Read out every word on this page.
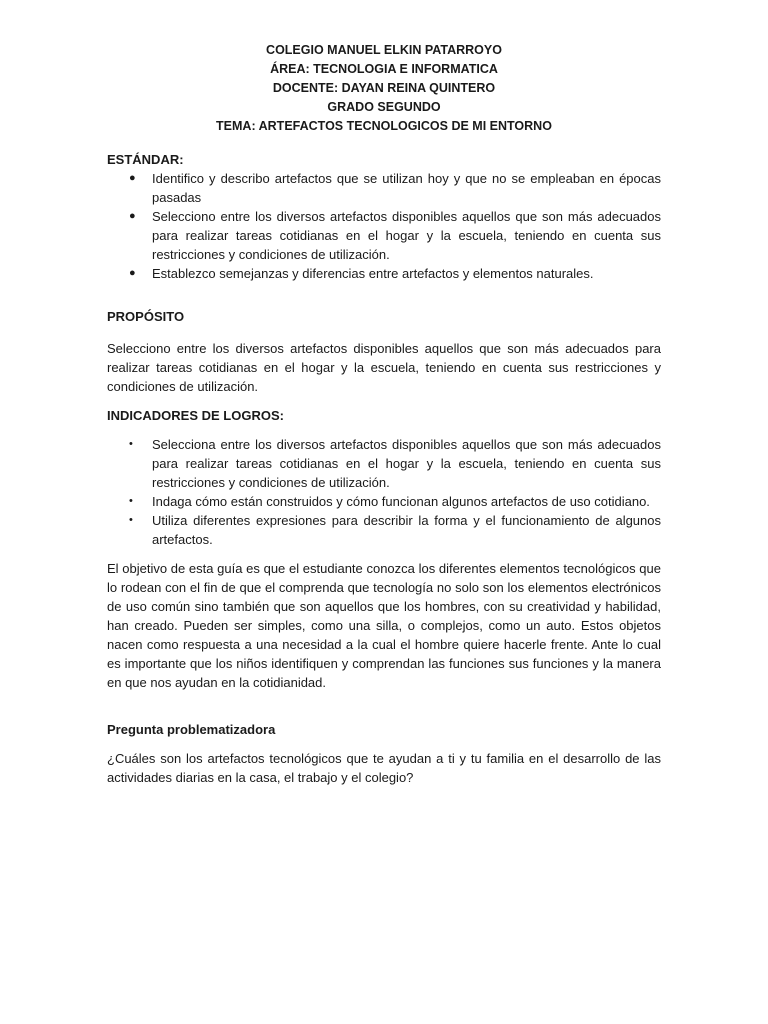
COLEGIO MANUEL ELKIN PATARROYO
ÁREA: TECNOLOGIA E INFORMATICA
DOCENTE: DAYAN REINA QUINTERO
GRADO SEGUNDO
TEMA: ARTEFACTOS TECNOLOGICOS DE MI ENTORNO

ESTÁNDAR:

● Identifico y describo artefactos que se utilizan hoy y que no se empleaban en épocas pasadas
● Selecciono entre los diversos artefactos disponibles aquellos que son más adecuados para realizar tareas cotidianas en el hogar y la escuela, teniendo en cuenta sus restricciones y condiciones de utilización.
● Establezco semejanzas y diferencias entre artefactos y elementos naturales.

PROPÓSITO

Selecciono entre los diversos artefactos disponibles aquellos que son más adecuados para realizar tareas cotidianas en el hogar y la escuela, teniendo en cuenta sus restricciones y condiciones de utilización.

INDICADORES DE LOGROS:

• Selecciona entre los diversos artefactos disponibles aquellos que son más adecuados para realizar tareas cotidianas en el hogar y la escuela, teniendo en cuenta sus restricciones y condiciones de utilización.
• Indaga cómo están construidos y cómo funcionan algunos artefactos de uso cotidiano.
• Utiliza diferentes expresiones para describir la forma y el funcionamiento de algunos artefactos.

El objetivo de esta guía es que el estudiante conozca los diferentes elementos tecnológicos que lo rodean con el fin de que el comprenda que tecnología no solo son los elementos electrónicos de uso común sino también que son aquellos que los hombres, con su creatividad y habilidad, han creado. Pueden ser simples, como una silla, o complejos, como un auto. Estos objetos nacen como respuesta a una necesidad a la cual el hombre quiere hacerle frente. Ante lo cual es importante que los niños identifiquen y comprendan las funciones sus funciones y la manera en que nos ayudan en la cotidianidad.

Pregunta problematizadora

¿Cuáles son los artefactos tecnológicos que te ayudan a ti y tu familia en el desarrollo de las actividades diarias en la casa, el trabajo y el colegio?
